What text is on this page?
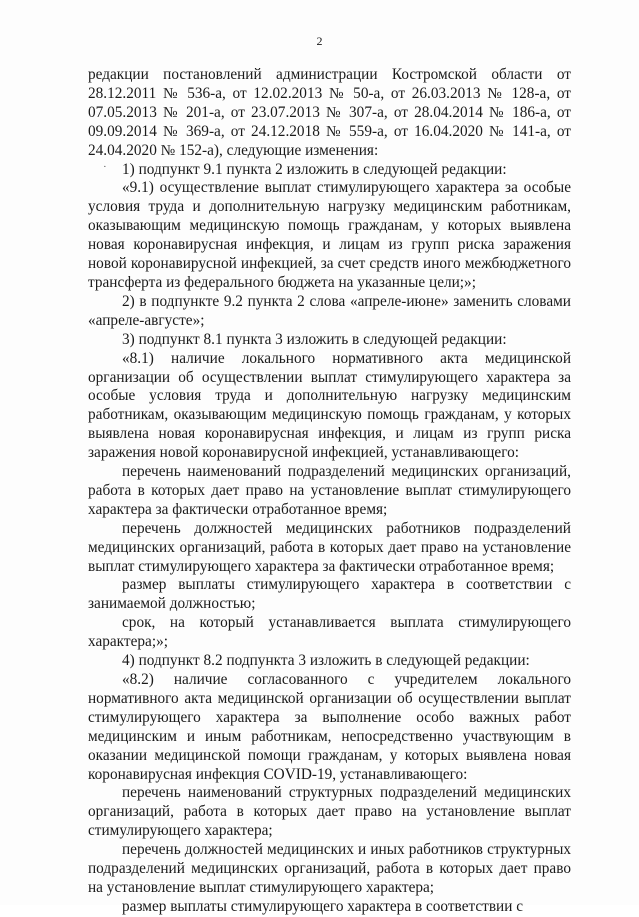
2
·

редакции постановлений администрации Костромской области от 28.12.2011 № 536-а, от 12.02.2013 № 50-а, от 26.03.2013 № 128-а, от 07.05.2013 № 201-а, от 23.07.2013 № 307-а, от 28.04.2014 № 186-а, от 09.09.2014 № 369-а, от 24.12.2018 № 559-а, от 16.04.2020 № 141-а, от 24.04.2020 № 152-а), следующие изменения:

1) подпункт 9.1 пункта 2 изложить в следующей редакции:

«9.1) осуществление выплат стимулирующего характера за особые условия труда и дополнительную нагрузку медицинским работникам, оказывающим медицинскую помощь гражданам, у которых выявлена новая коронавирусная инфекция, и лицам из групп риска заражения новой коронавирусной инфекцией, за счет средств иного межбюджетного трансферта из федерального бюджета на указанные цели;»;

2) в подпункте 9.2 пункта 2 слова «апреле-июне» заменить словами «апреле-августе»;

3) подпункт 8.1 пункта 3 изложить в следующей редакции:

«8.1) наличие локального нормативного акта медицинской организации об осуществлении выплат стимулирующего характера за особые условия труда и дополнительную нагрузку медицинским работникам, оказывающим медицинскую помощь гражданам, у которых выявлена новая коронавирусная инфекция, и лицам из групп риска заражения новой коронавирусной инфекцией, устанавливающего:

перечень наименований подразделений медицинских организаций, работа в которых дает право на установление выплат стимулирующего характера за фактически отработанное время;

перечень должностей медицинских работников подразделений медицинских организаций, работа в которых дает право на установление выплат стимулирующего характера за фактически отработанное время;

размер выплаты стимулирующего характера в соответствии с занимаемой должностью;

срок, на который устанавливается выплата стимулирующего характера;»;

4) подпункт 8.2 подпункта 3 изложить в следующей редакции:

«8.2) наличие согласованного с учредителем локального нормативного акта медицинской организации об осуществлении выплат стимулирующего характера за выполнение особо важных работ медицинским и иным работникам, непосредственно участвующим в оказании медицинской помощи гражданам, у которых выявлена новая коронавирусная инфекция COVID-19, устанавливающего:

перечень наименований структурных подразделений медицинских организаций, работа в которых дает право на установление выплат стимулирующего характера;

перечень должностей медицинских и иных работников структурных подразделений медицинских организаций, работа в которых дает право на установление выплат стимулирующего характера;

размер выплаты стимулирующего характера в соответствии с
